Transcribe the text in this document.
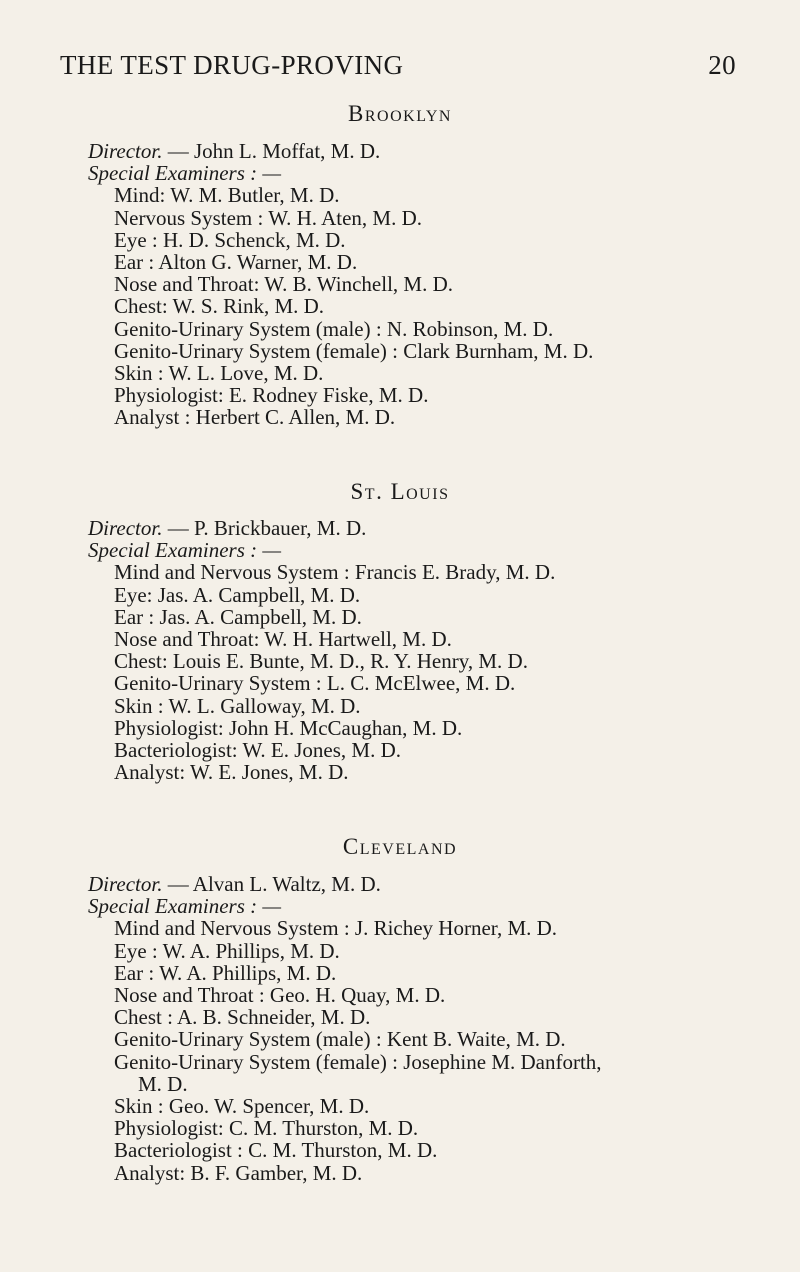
THE TEST DRUG-PROVING	20
Brooklyn
Director. — John L. Moffat, M. D.
Special Examiners : —
Mind: W. M. Butler, M. D.
Nervous System : W. H. Aten, M. D.
Eye : H. D. Schenck, M. D.
Ear : Alton G. Warner, M. D.
Nose and Throat: W. B. Winchell, M. D.
Chest: W. S. Rink, M. D.
Genito-Urinary System (male) : N. Robinson, M. D.
Genito-Urinary System (female) : Clark Burnham, M. D.
Skin : W. L. Love, M. D.
Physiologist: E. Rodney Fiske, M. D.
Analyst : Herbert C. Allen, M. D.
St. Louis
Director. — P. Brickbauer, M. D.
Special Examiners : —
Mind and Nervous System : Francis E. Brady, M. D.
Eye: Jas. A. Campbell, M. D.
Ear : Jas. A. Campbell, M. D.
Nose and Throat: W. H. Hartwell, M. D.
Chest: Louis E. Bunte, M. D., R. Y. Henry, M. D.
Genito-Urinary System : L. C. McElwee, M. D.
Skin : W. L. Galloway, M. D.
Physiologist: John H. McCaughan, M. D.
Bacteriologist: W. E. Jones, M. D.
Analyst: W. E. Jones, M. D.
Cleveland
Director. — Alvan L. Waltz, M. D.
Special Examiners : —
Mind and Nervous System : J. Richey Horner, M. D.
Eye : W. A. Phillips, M. D.
Ear : W. A. Phillips, M. D.
Nose and Throat : Geo. H. Quay, M. D.
Chest : A. B. Schneider, M. D.
Genito-Urinary System (male) : Kent B. Waite, M. D.
Genito-Urinary System (female) : Josephine M. Danforth,
M. D.
Skin : Geo. W. Spencer, M. D.
Physiologist: C. M. Thurston, M. D.
Bacteriologist : C. M. Thurston, M. D.
Analyst: B. F. Gamber, M. D.
